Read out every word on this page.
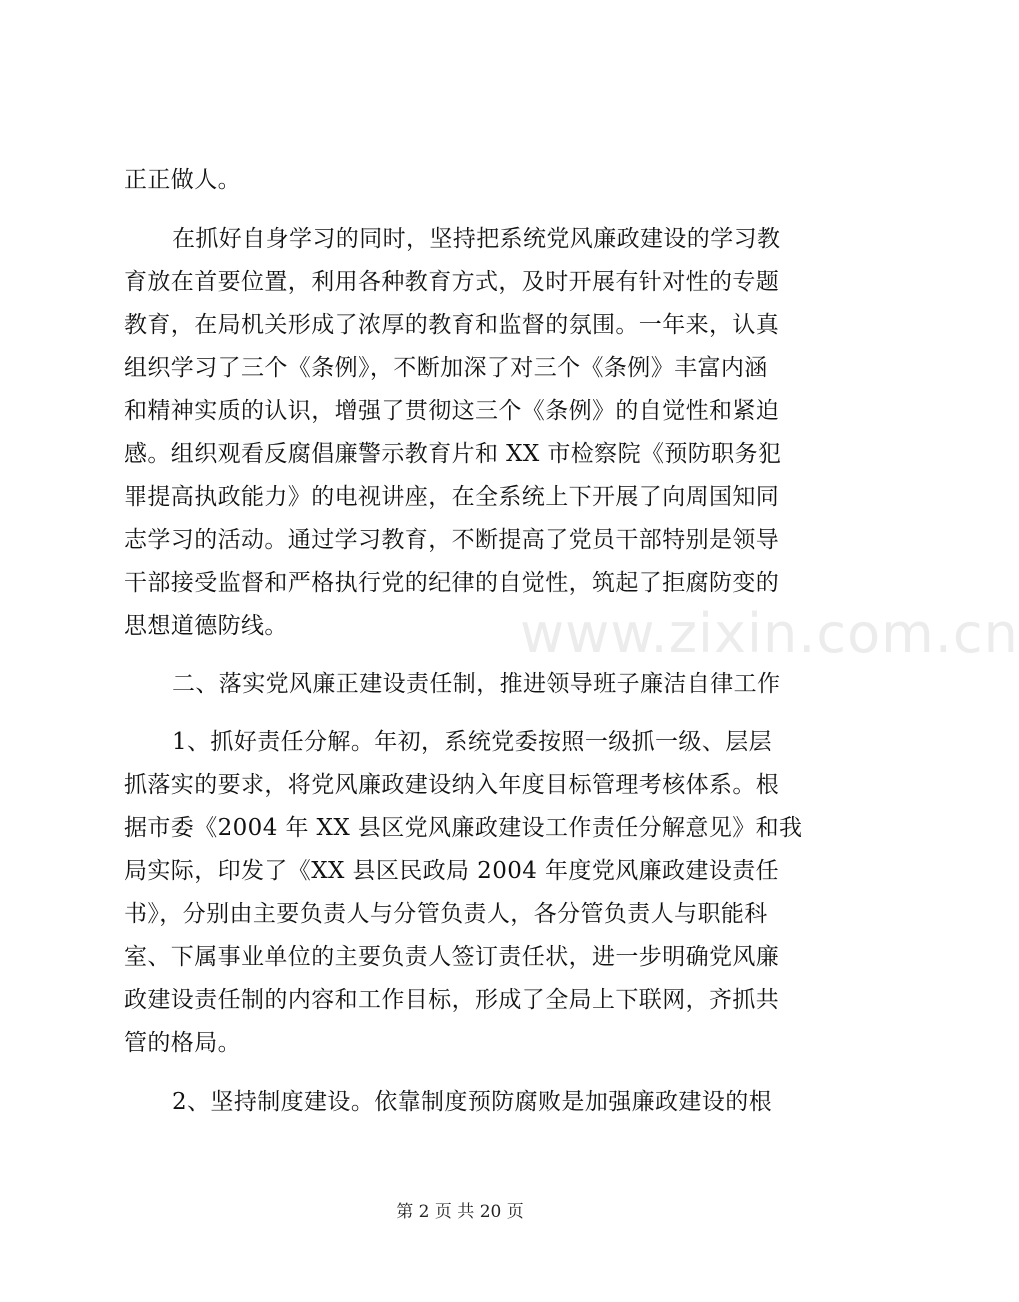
正正做人。
在抓好自身学习的同时，坚持把系统党风廉政建设的学习教
育放在首要位置，利用各种教育方式，及时开展有针对性的专题
教育，在局机关形成了浓厚的教育和监督的氛围。一年来，认真
组织学习了三个《条例》，不断加深了对三个《条例》丰富内涵
和精神实质的认识，增强了贯彻这三个《条例》的自觉性和紧迫
感。组织观看反腐倡廉警示教育片和 XX 市检察院《预防职务犯
罪提高执政能力》的电视讲座，在全系统上下开展了向周国知同
志学习的活动。通过学习教育，不断提高了党员干部特别是领导
干部接受监督和严格执行党的纪律的自觉性，筑起了拒腐防变的
思想道德防线。
二、落实党风廉正建设责任制，推进领导班子廉洁自律工作
1、抓好责任分解。年初，系统党委按照一级抓一级、层层
抓落实的要求，将党风廉政建设纳入年度目标管理考核体系。根
据市委《2004 年 XX 县区党风廉政建设工作责任分解意见》和我
局实际，印发了《XX 县区民政局 2004 年度党风廉政建设责任
书》，分别由主要负责人与分管负责人，各分管负责人与职能科
室、下属事业单位的主要负责人签订责任状，进一步明确党风廉
政建设责任制的内容和工作目标，形成了全局上下联网，齐抓共
管的格局。
2、坚持制度建设。依靠制度预防腐败是加强廉政建设的根
www.zixin.com.cn
第 2 页 共 20 页
